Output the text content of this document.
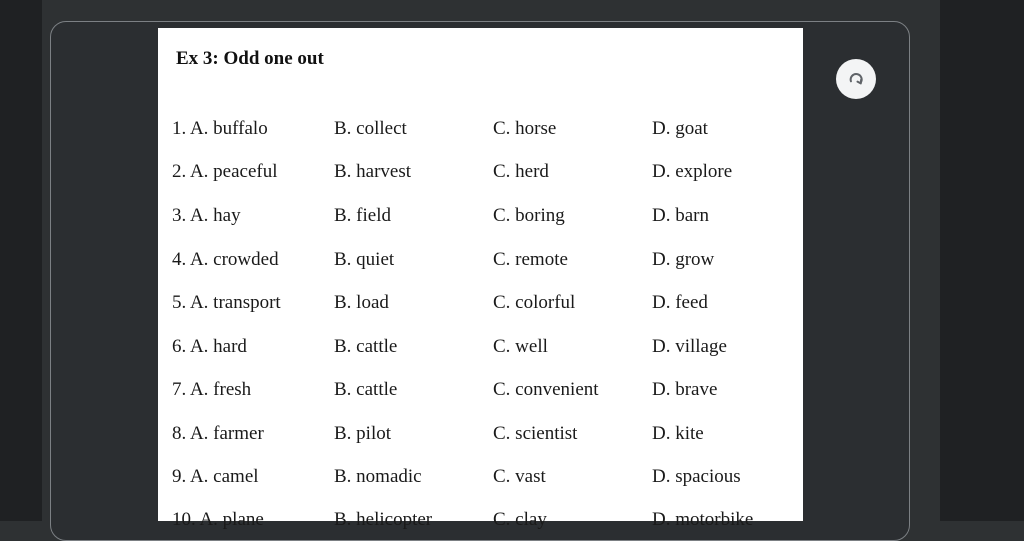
Ex 3: Odd one out
1. A. buffalo	B. collect	C. horse	D. goat
2. A. peaceful	B. harvest	C. herd	D. explore
3. A. hay	B. field	C. boring	D. barn
4. A. crowded	B. quiet	C. remote	D. grow
5. A. transport	B. load	C. colorful	D. feed
6. A. hard	B. cattle	C. well	D. village
7. A. fresh	B. cattle	C. convenient	D. brave
8. A. farmer	B. pilot	C. scientist	D. kite
9. A. camel	B. nomadic	C. vast	D. spacious
10. A. plane	B. helicopter	C. clay	D. motorbike
